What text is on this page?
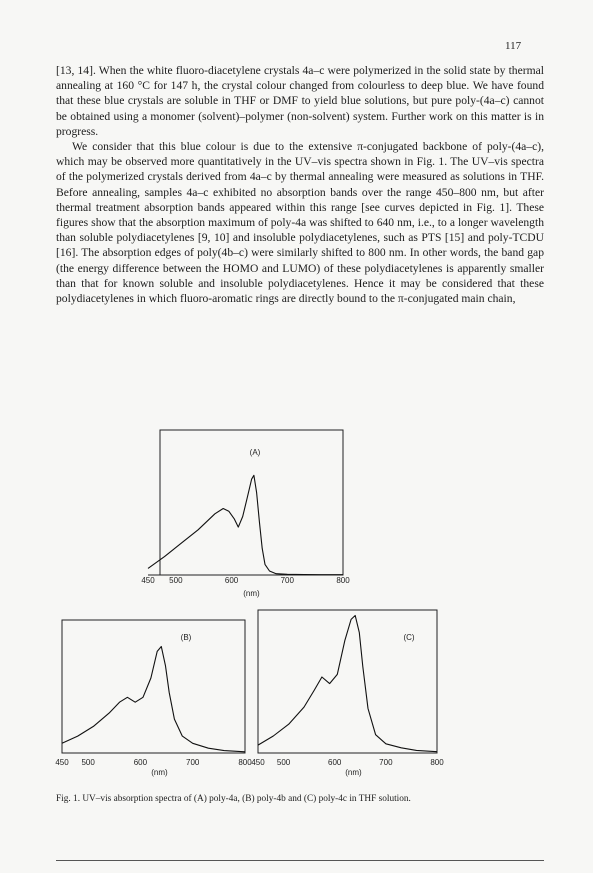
117

[13, 14]. When the white fluoro-diacetylene crystals 4a–c were polymerized in the solid state by thermal annealing at 160 °C for 147 h, the crystal colour changed from colourless to deep blue. We have found that these blue crystals are soluble in THF or DMF to yield blue solutions, but pure poly-(4a–c) cannot be obtained using a monomer (solvent)–polymer (non-solvent) system. Further work on this matter is in progress.

We consider that this blue colour is due to the extensive π-conjugated backbone of poly-(4a–c), which may be observed more quantitatively in the UV–vis spectra shown in Fig. 1. The UV–vis spectra of the polymerized crystals derived from 4a–c by thermal annealing were measured as solutions in THF. Before annealing, samples 4a–c exhibited no absorption bands over the range 450–800 nm, but after thermal treatment absorption bands appeared within this range [see curves depicted in Fig. 1]. These figures show that the absorption maximum of poly-4a was shifted to 640 nm, i.e., to a longer wavelength than soluble polydiacetylenes [9, 10] and insoluble polydiacetylenes, such as PTS [15] and poly-TCDU [16]. The absorption edges of poly(4b–c) were similarly shifted to 800 nm. In other words, the band gap (the energy difference between the HOMO and LUMO) of these polydiacetylenes is apparently smaller than that for known soluble and insoluble polydiacetylenes. Hence it may be considered that these polydiacetylenes in which fluoro-aromatic rings are directly bound to the π-conjugated main chain,

450 500	600	700	800
(nm)
(A)
450 500	600	700	800
(nm)
(B)
450 500	600	700	800
(nm)
(C)

Fig. 1. UV–vis absorption spectra of (A) poly-4a, (B) poly-4b and (C) poly-4c in THF solution.
